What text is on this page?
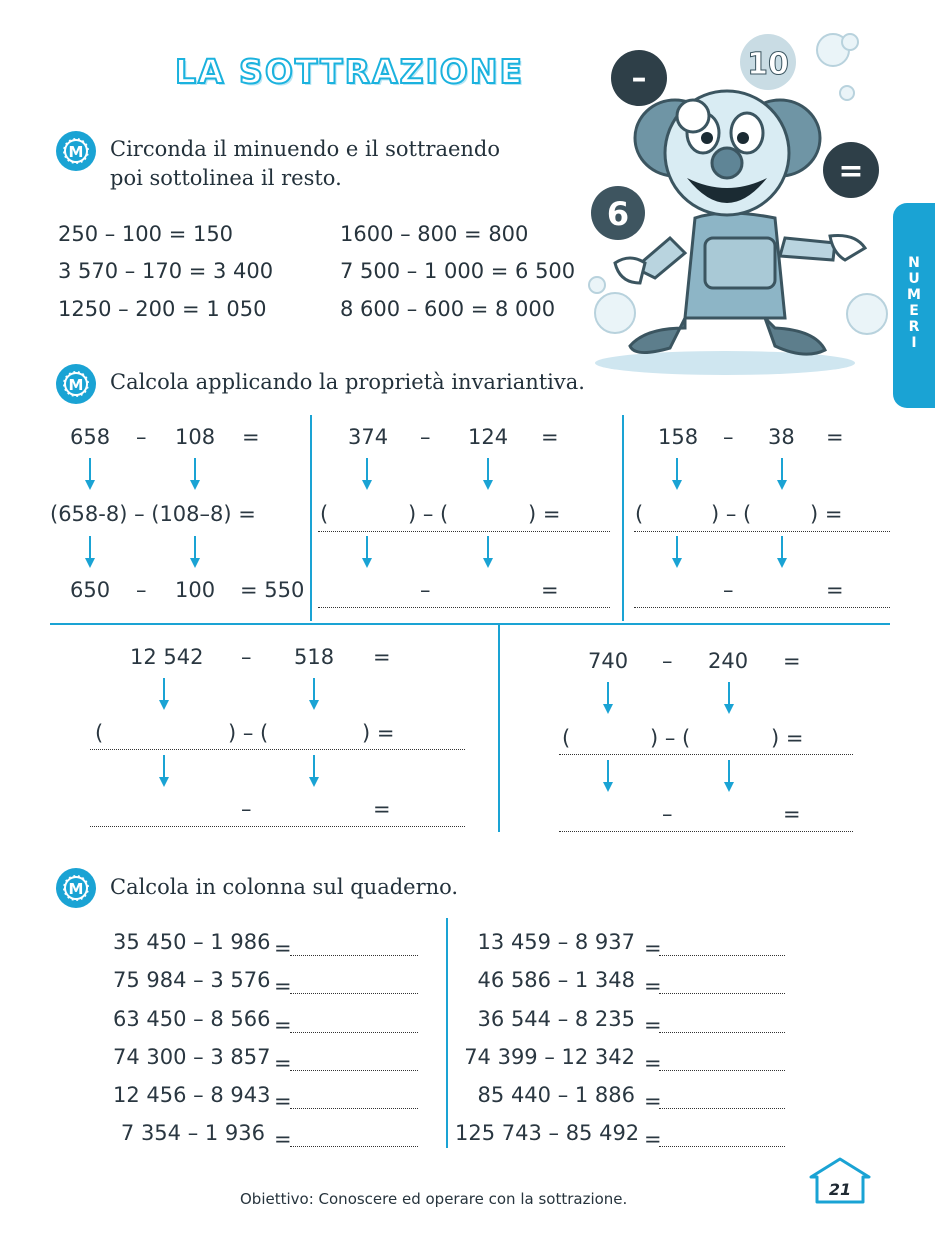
LA SOTTRAZIONE
N
U
M
E
R
I
–	10
=
6
Circonda il minuendo e il sottraendo
poi sottolinea il resto.
250 – 100 = 150
3 570 – 170 = 3 400
1250 – 200 = 1 050
1600 – 800 = 800
7 500 – 1 000 = 6 500
8 600 – 600 = 8 000
Calcola applicando la proprietà invariantiva.
658 – 108 =
(658-8) – (108–8) =
650 – 100 = 550
374 – 124 =
(	) – (	) =
–	=
158 – 38 =
(	) – (	) =
–	=
12 542 – 518 =
(	) – (	) =
–	=
740 – 240 =
(	) – (	) =
–	=
Calcola in colonna sul quaderno.
35 450 – 1 986 =
75 984 – 3 576 =
63 450 – 8 566 =
74 300 – 3 857 =
12 456 – 8 943 =
7 354 – 1 936 =
13 459 – 8 937 =
46 586 – 1 348 =
36 544 – 8 235 =
74 399 – 12 342 =
85 440 – 1 886 =
125 743 – 85 492 =
Obiettivo: Conoscere ed operare con la sottrazione.	21
